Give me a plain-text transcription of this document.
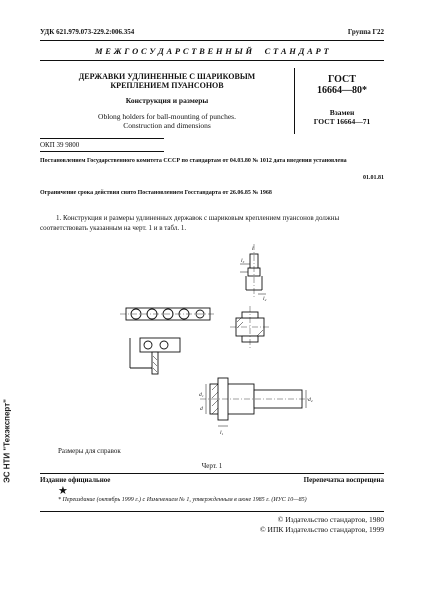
УДК 621.979.073-229.2:006.354	Группа Г22
М Е Ж Г О С У Д А Р С Т В Е Н Н Ы Й     С Т А Н Д А Р Т
ДЕРЖАВКИ УДЛИНЕННЫЕ С ШАРИКОВЫМ
КРЕПЛЕНИЕМ ПУАНСОНОВ
Конструкция и размеры
Oblong holders for ball-mounting of punches.
Construction and dimensions
ГОСТ
16664—80*
Взамен
ГОСТ 16664—71
ОКП 39 9800
Постановлением Государственного комитета СССР по стандартам от 04.03.80 № 1012 дата введения установлена
01.01.81
Ограничение срока действия снято Постановлением Госстандарта от 26.06.85 № 1968
1. Конструкция и размеры удлиненных державок с шариковым креплением пуансонов должны соответствовать указанным на черт. 1 и в табл. 1.
l₃
l
l₂
d₁
d
d₂
l₁
Размеры для справок
Черт. 1
Издание официальное	Перепечатка воспрещена
★
* Переиздание (октябрь 1999 г.) с Изменением № 1, утвержденным в июне 1985 г. (ИУС 10—85)
© Издательство стандартов, 1980
© ИПК Издательство стандартов, 1999
ЭС НТИ "Техэксперт"
